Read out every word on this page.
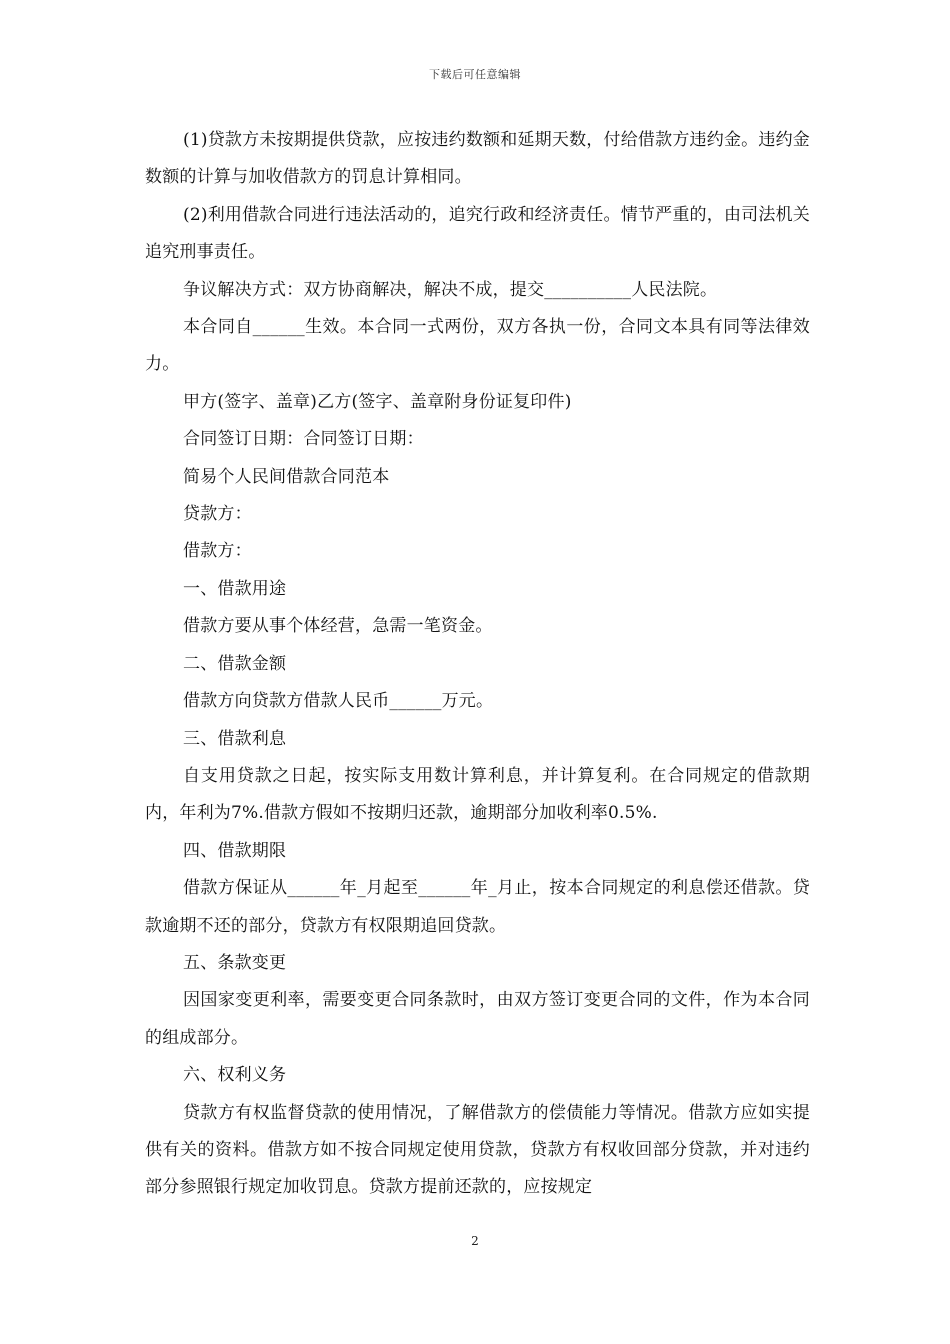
下载后可任意编辑

(1)贷款方未按期提供贷款，应按违约数额和延期天数，付给借款方违约金。违约金数额的计算与加收借款方的罚息计算相同。

(2)利用借款合同进行违法活动的，追究行政和经济责任。情节严重的，由司法机关追究刑事责任。

争议解决方式：双方协商解决，解决不成，提交__________人民法院。

本合同自______生效。本合同一式两份，双方各执一份，合同文本具有同等法律效力。

甲方(签字、盖章)乙方(签字、盖章附身份证复印件)

合同签订日期：合同签订日期：

简易个人民间借款合同范本

贷款方：

借款方：

一、借款用途

借款方要从事个体经营，急需一笔资金。

二、借款金额

借款方向贷款方借款人民币______万元。

三、借款利息

自支用贷款之日起，按实际支用数计算利息，并计算复利。在合同规定的借款期内，年利为7%.借款方假如不按期归还款，逾期部分加收利率0.5%.

四、借款期限

借款方保证从______年_月起至______年_月止，按本合同规定的利息偿还借款。贷款逾期不还的部分，贷款方有权限期追回贷款。

五、条款变更

因国家变更利率，需要变更合同条款时，由双方签订变更合同的文件，作为本合同的组成部分。

六、权利义务

贷款方有权监督贷款的使用情况，了解借款方的偿债能力等情况。借款方应如实提供有关的资料。借款方如不按合同规定使用贷款，贷款方有权收回部分贷款，并对违约部分参照银行规定加收罚息。贷款方提前还款的，应按规定

2
